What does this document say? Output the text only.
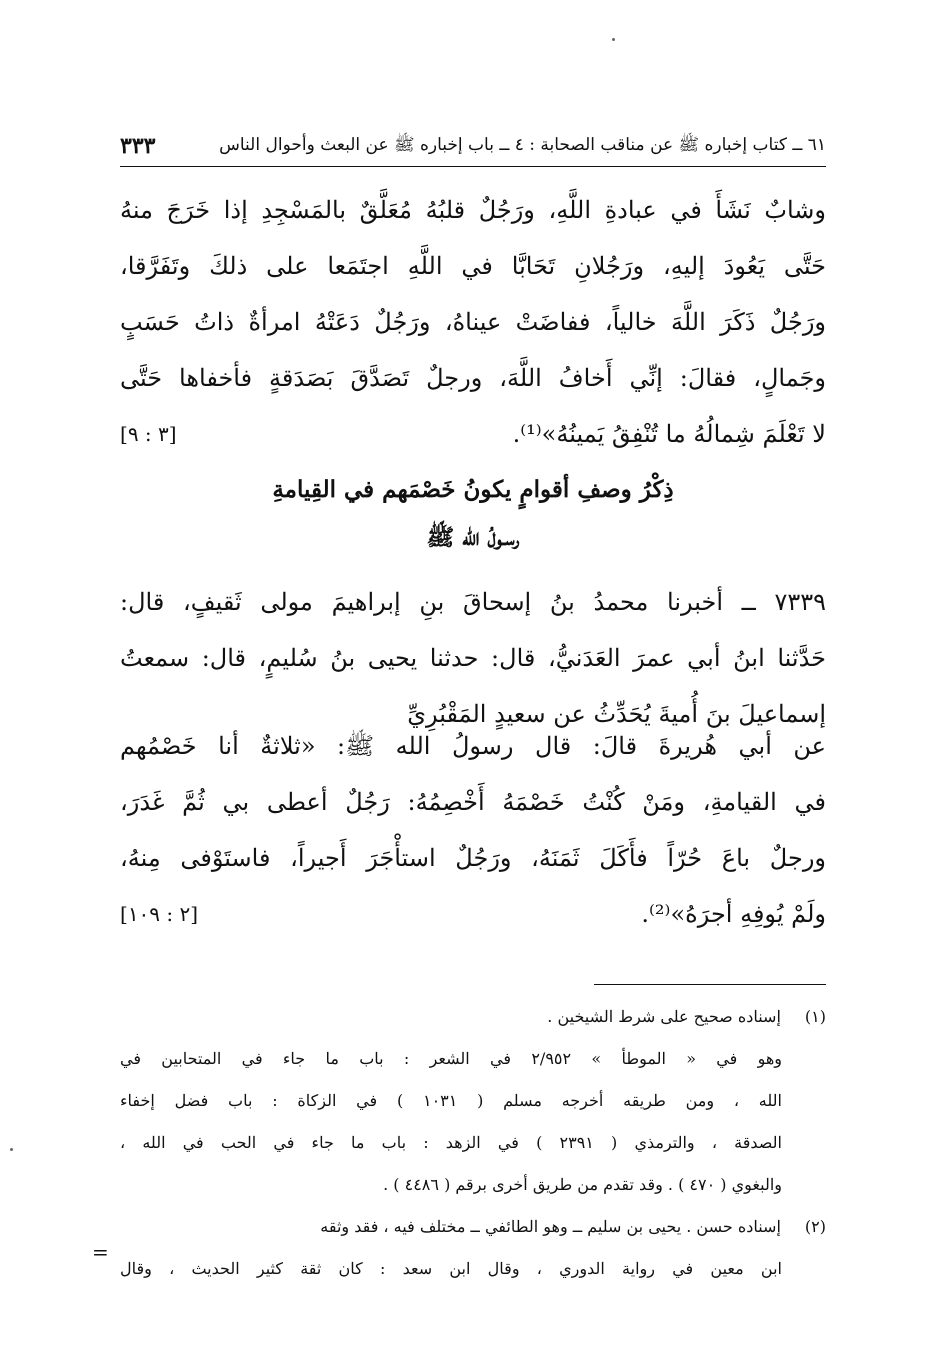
٦١ ــ كتاب إخباره ﷺ عن مناقب الصحابة : ٤ ــ باب إخباره ﷺ عن البعث وأحوال الناس
٣٣٣
وشابٌ نَشَأَ في عبادةِ اللَّهِ، ورَجُلٌ قلبُهُ مُعَلَّقٌ بالمَسْجِدِ إذا خَرَجَ منهُ
حَتَّى يَعُودَ إليهِ، ورَجُلانِ تَحَابَّا في اللَّهِ اجتَمَعا على ذلكَ وتَفَرَّقا،
ورَجُلٌ ذَكَرَ اللَّهَ خالياً، ففاضَتْ عيناهُ، ورَجُلٌ دَعَتْهُ امرأةٌ ذاتُ حَسَبٍ
وجَمالٍ، فقالَ: إنِّي أَخافُ اللَّهَ، ورجلٌ تَصَدَّقَ بَصَدَقةٍ فأخفاها حَتَّى
لا تَعْلَمَ شِمالُهُ ما تُنْفِقُ يَمينُهُ»⁽¹⁾.
[٣ : ٩]
ذِكْرُ وصفِ أقوامٍ يكونُ خَصْمَهم في القِيامةِ
رسـولُ الله ﷺ
٧٣٣٩ ــ أخبرنا محمدُ بنُ إسحاقَ بنِ إبراهيمَ مولى ثَقيفٍ، قال:
حَدَّثنا ابنُ أبي عمرَ العَدَنيُّ، قال: حدثنا يحيى بنُ سُليمٍ، قال: سمعتُ
إسماعيلَ بنَ أُميةَ يُحَدِّثُ عن سعيدٍ المَقْبُرِيِّ
عن أبي هُريرةَ قالَ: قال رسولُ الله ﷺ: «ثلاثةٌ أنا خَصْمُهم
في القيامةِ، ومَنْ كُنْتُ خَصْمَهُ أَخْصِمُهُ: رَجُلٌ أعطى بي ثُمَّ غَدَرَ،
ورجلٌ باعَ حُرّاً فأَكَلَ ثَمَنَهُ، ورَجُلٌ استأْجَرَ أَجيراً، فاستَوْفى مِنهُ،
ولَمْ يُوفِهِ أجرَهُ»⁽²⁾.
[٢ : ١٠٩]
(١) إسناده صحيح على شرط الشيخين .
وهو في « الموطأ » ٢/٩٥٢ في الشعر : باب ما جاء في المتحابين في
الله ، ومن طريقه أخرجه مسلم ( ١٠٣١ ) في الزكاة : باب فضل إخفاء
الصدقة ، والترمذي ( ٢٣٩١ ) في الزهد : باب ما جاء في الحب في الله ،
والبغوي ( ٤٧٠ ) . وقد تقدم من طريق أخرى برقم ( ٤٤٨٦ ) .
(٢) إسناده حسن . يحيى بن سليم ــ وهو الطائفي ــ مختلف فيه ، فقد وثقه
ابن معين في رواية الدوري ، وقال ابن سعد : كان ثقة كثير الحديث ، وقال
=
